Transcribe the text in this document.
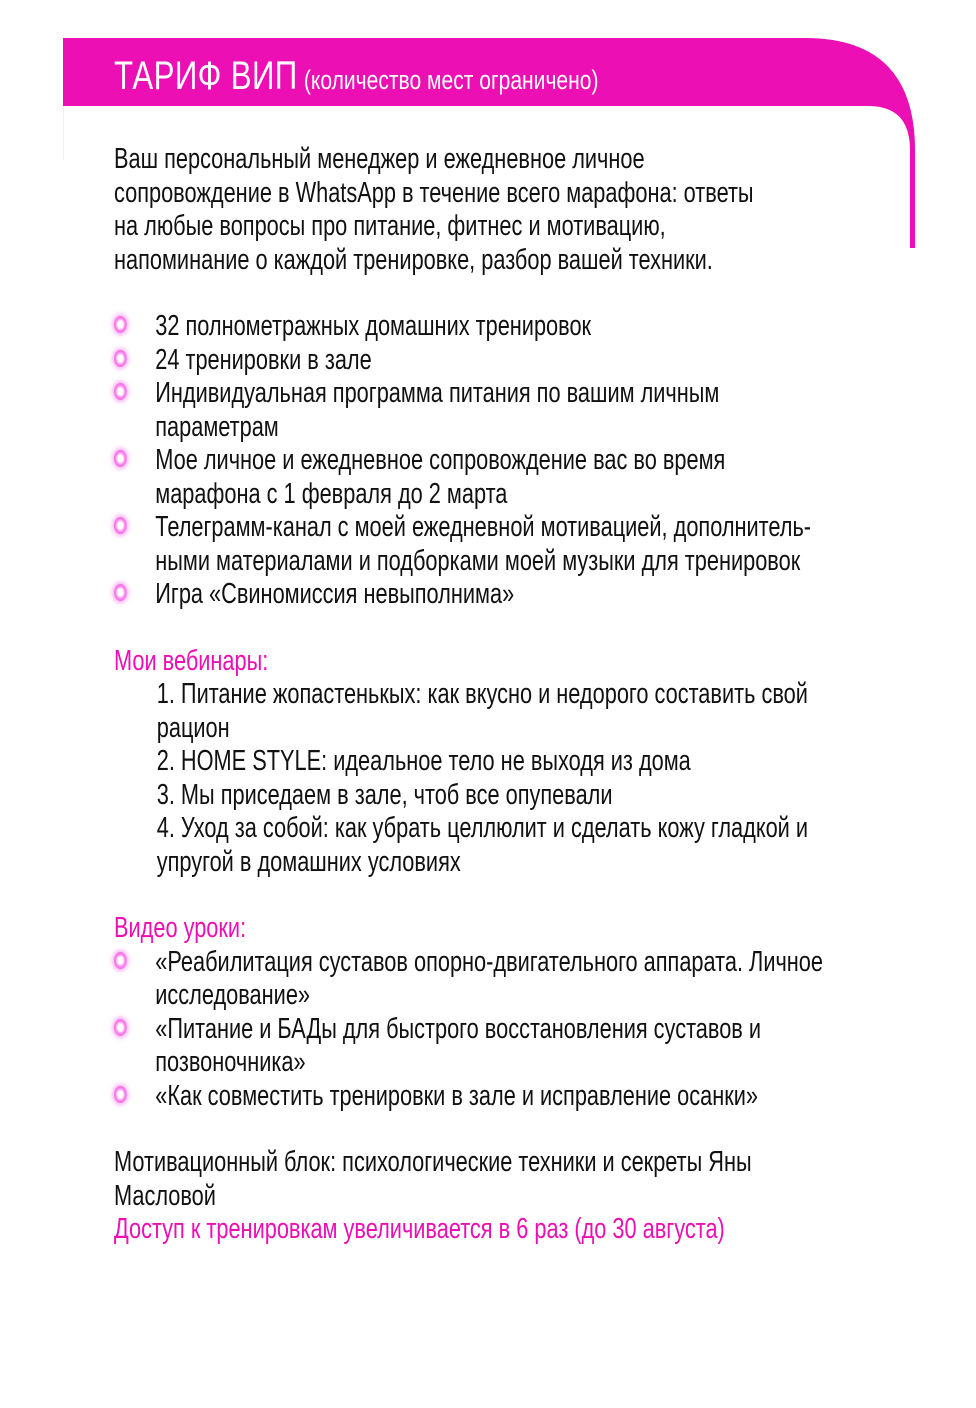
ТАРИФ ВИП (количество мест ограничено)

Ваш персональный менеджер и ежедневное личное
сопровождение в WhatsApp в течение всего марафона: ответы
на любые вопросы про питание, фитнес и мотивацию,
напоминание о каждой тренировке, разбор вашей техники.

32 полнометражных домашних тренировок
24 тренировки в зале
Индивидуальная программа питания по вашим личным
параметрам
Мое личное и ежедневное сопровождение вас во время
марафона с 1 февраля до 2 марта
Телеграмм-канал с моей ежедневной мотивацией, дополнитель-
ными материалами и подборками моей музыки для тренировок
Игра «Свиномиссия невыполнима»

Мои вебинары:

1. Питание жопастенькых: как вкусно и недорого составить свой
рацион
2. HOME STYLE: идеальное тело не выходя из дома
3. Мы приседаем в зале, чтоб все опупевали
4. Уход за собой: как убрать целлюлит и сделать кожу гладкой и
упругой в домашних условиях

Видео уроки:

«Реабилитация суставов опорно-двигательного аппарата. Личное
исследование»
«Питание и БАДы для быстрого восстановления суставов и
позвоночника»
«Как совместить тренировки в зале и исправление осанки»

Мотивационный блок: психологические техники и секреты Яны
Масловой

Доступ к тренировкам увеличивается в 6 раз (до 30 августа)
